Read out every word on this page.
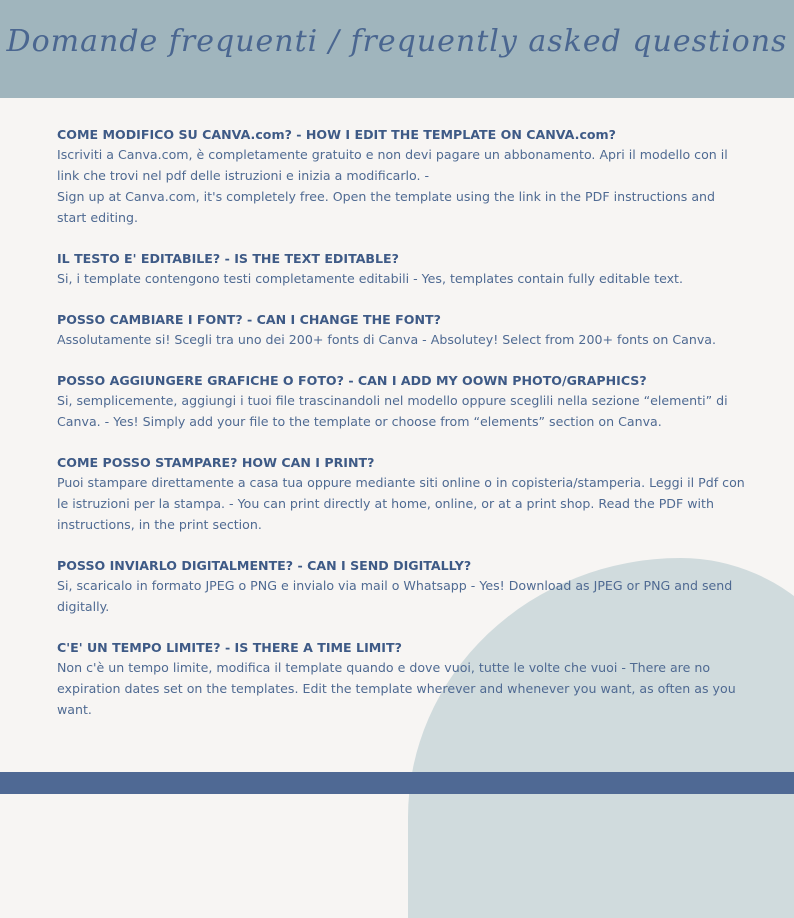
Domande frequenti / frequently asked questions
COME MODIFICO SU CANVA.com? - HOW I EDIT THE TEMPLATE ON CANVA.com?
Iscriviti a Canva.com, è completamente gratuito e non devi pagare un abbonamento. Apri il modello con il link che trovi nel pdf delle istruzioni e inizia a modificarlo. -
Sign up at Canva.com, it's completely free. Open the template using the link in the PDF instructions and start editing.
IL TESTO E' EDITABILE? - IS THE TEXT EDITABLE?
Si, i template contengono testi completamente editabili - Yes, templates contain fully editable text.
POSSO CAMBIARE I FONT? - CAN I CHANGE THE FONT?
Assolutamente si! Scegli tra uno dei 200+ fonts di Canva - Absolutey! Select from 200+ fonts on Canva.
POSSO AGGIUNGERE GRAFICHE O FOTO? - CAN I ADD MY OOWN PHOTO/GRAPHICS?
Si, semplicemente, aggiungi i tuoi file trascinandoli nel modello oppure sceglili nella sezione “elementi” di Canva. - Yes! Simply add your file to the template or choose from “elements” section on Canva.
COME POSSO STAMPARE? HOW CAN I PRINT?
Puoi stampare direttamente a casa tua oppure mediante siti online o in copisteria/stamperia. Leggi il Pdf con le istruzioni per la stampa. - You can print directly at home, online, or at a print shop. Read the PDF with instructions, in the print section.
POSSO INVIARLO DIGITALMENTE? - CAN I SEND DIGITALLY?
Si, scaricalo in formato JPEG o PNG e invialo via mail o Whatsapp - Yes! Download as JPEG or PNG and send digitally.
C'E' UN TEMPO LIMITE? - IS THERE A TIME LIMIT?
Non c'è un tempo limite, modifica il template quando e dove vuoi, tutte le volte che vuoi - There are no expiration dates set on the templates. Edit the template wherever and whenever you want, as often as you want.
